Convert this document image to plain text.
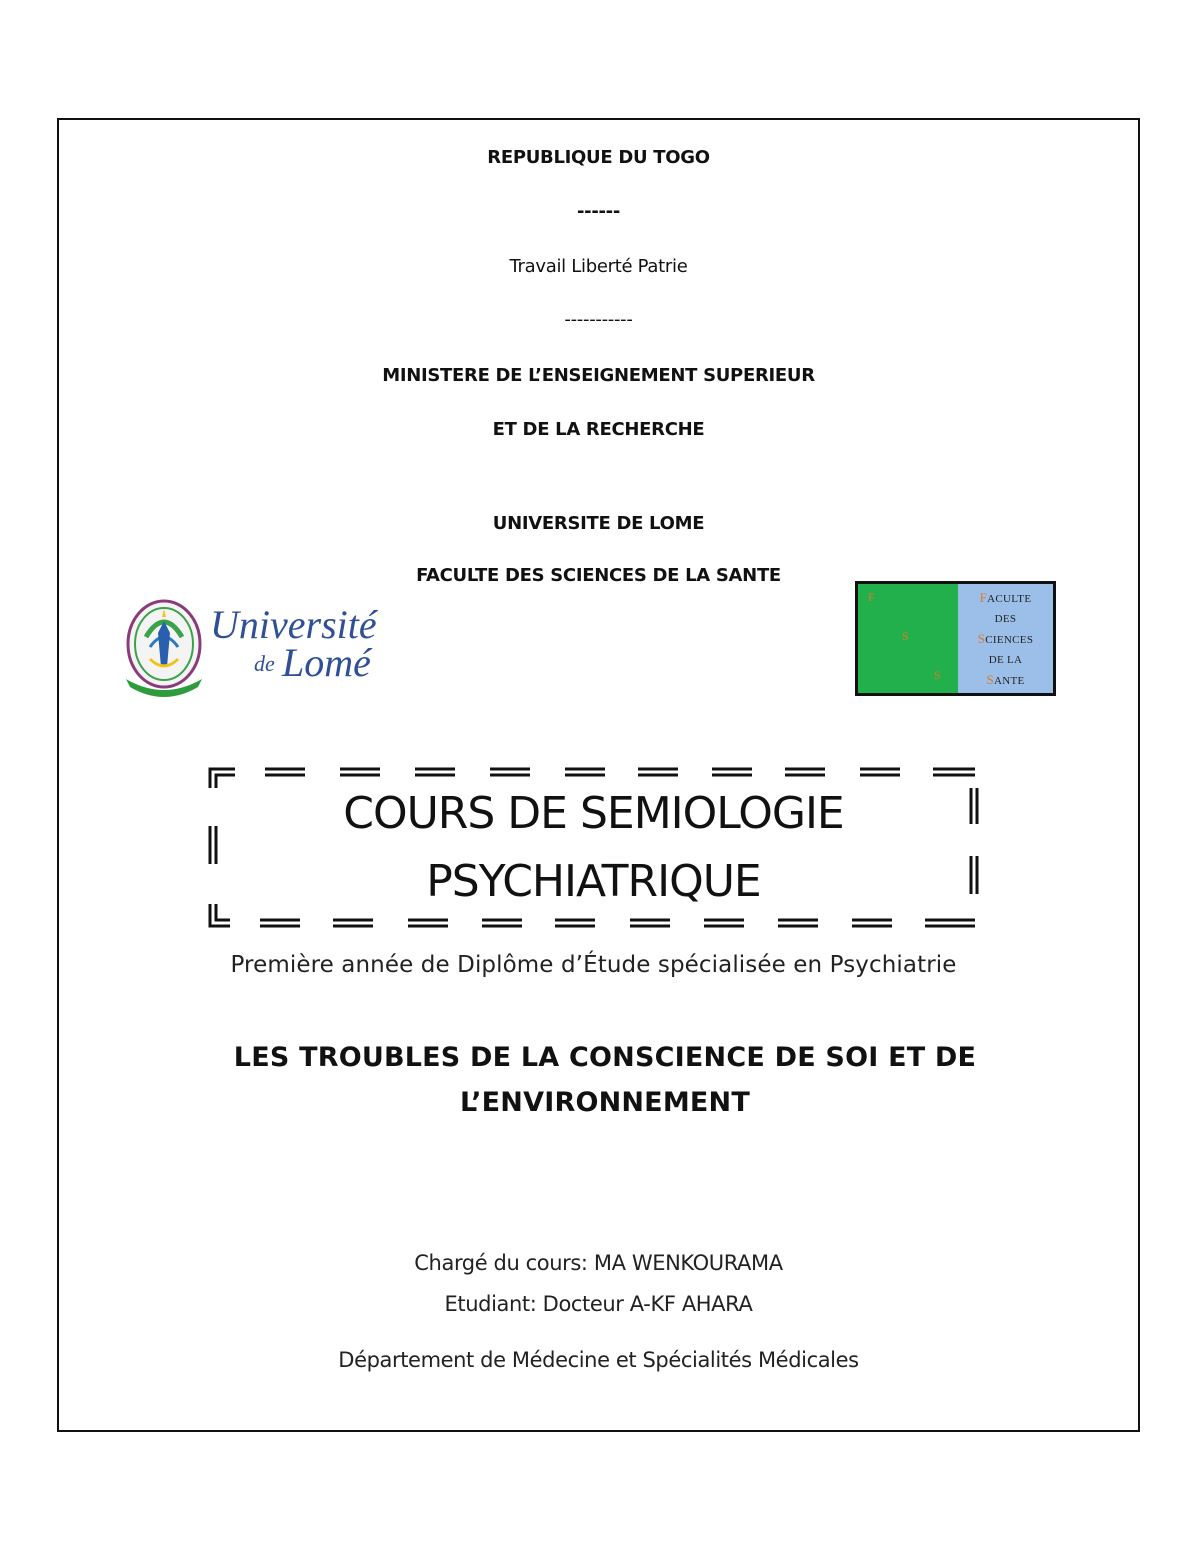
REPUBLIQUE DU TOGO
------
Travail Liberté Patrie
-----------
MINISTERE DE L’ENSEIGNEMENT SUPERIEUR
ET DE LA RECHERCHE
UNIVERSITE DE LOME
FACULTE DES SCIENCES DE LA SANTE
Université
de Lomé
F
S
S
FACULTE
DES
SCIENCES
DE LA
SANTE
COURS DE SEMIOLOGIE
PSYCHIATRIQUE
Première année de Diplôme d’Étude spécialisée en Psychiatrie
LES TROUBLES DE LA CONSCIENCE DE SOI ET DE
L’ENVIRONNEMENT
Chargé du cours: MA WENKOURAMA
Etudiant: Docteur A-KF AHARA
Département de Médecine et Spécialités Médicales
